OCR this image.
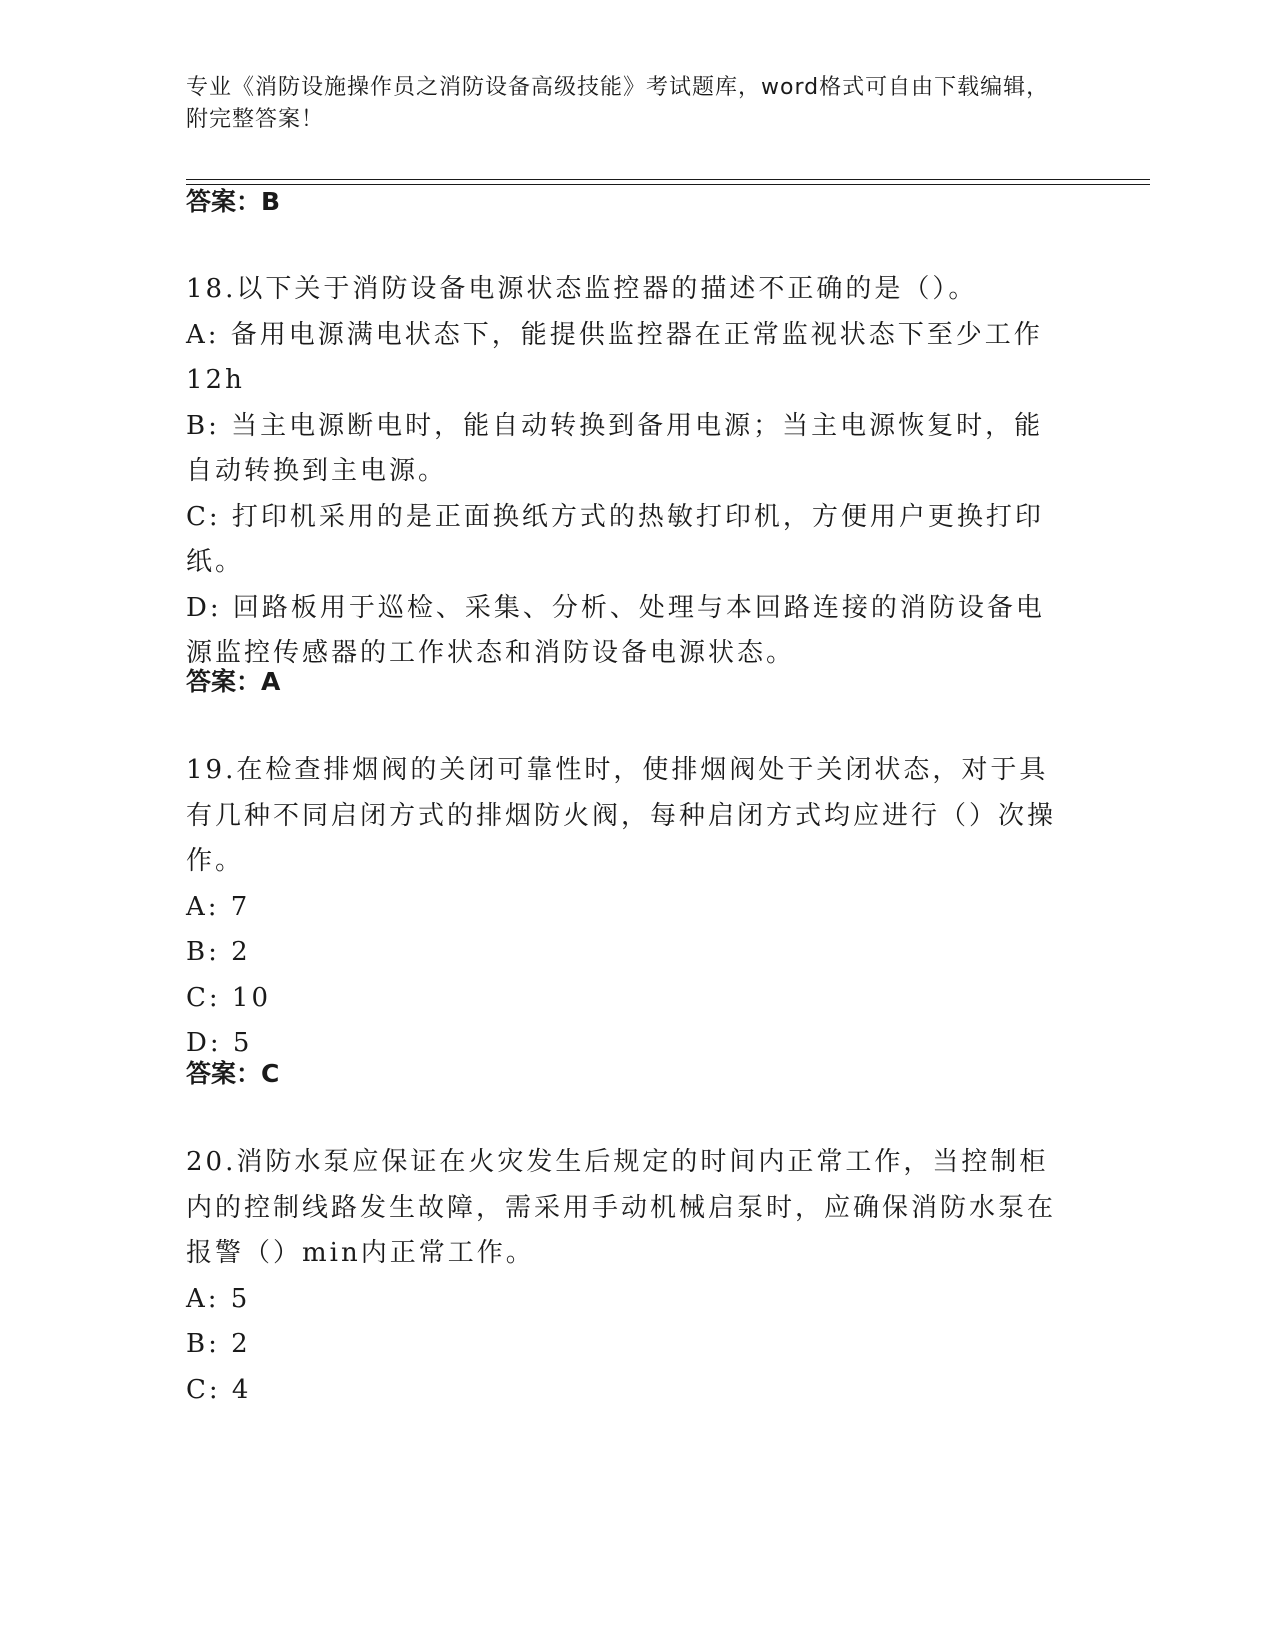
专业《消防设施操作员之消防设备高级技能》考试题库，word格式可自由下载编辑，附完整答案！
答案：B

18.以下关于消防设备电源状态监控器的描述不正确的是（）。

A: 备用电源满电状态下，能提供监控器在正常监视状态下至少工作12h

B: 当主电源断电时，能自动转换到备用电源；当主电源恢复时，能自动转换到主电源。

C: 打印机采用的是正面换纸方式的热敏打印机，方便用户更换打印纸。

D: 回路板用于巡检、采集、分析、处理与本回路连接的消防设备电源监控传感器的工作状态和消防设备电源状态。

答案：A

19.在检查排烟阀的关闭可靠性时，使排烟阀处于关闭状态，对于具有几种不同启闭方式的排烟防火阀，每种启闭方式均应进行（）次操作。

A: 7

B: 2

C: 10

D: 5

答案：C

20.消防水泵应保证在火灾发生后规定的时间内正常工作，当控制柜内的控制线路发生故障，需采用手动机械启泵时，应确保消防水泵在报警（）min内正常工作。

A: 5

B: 2

C: 4
